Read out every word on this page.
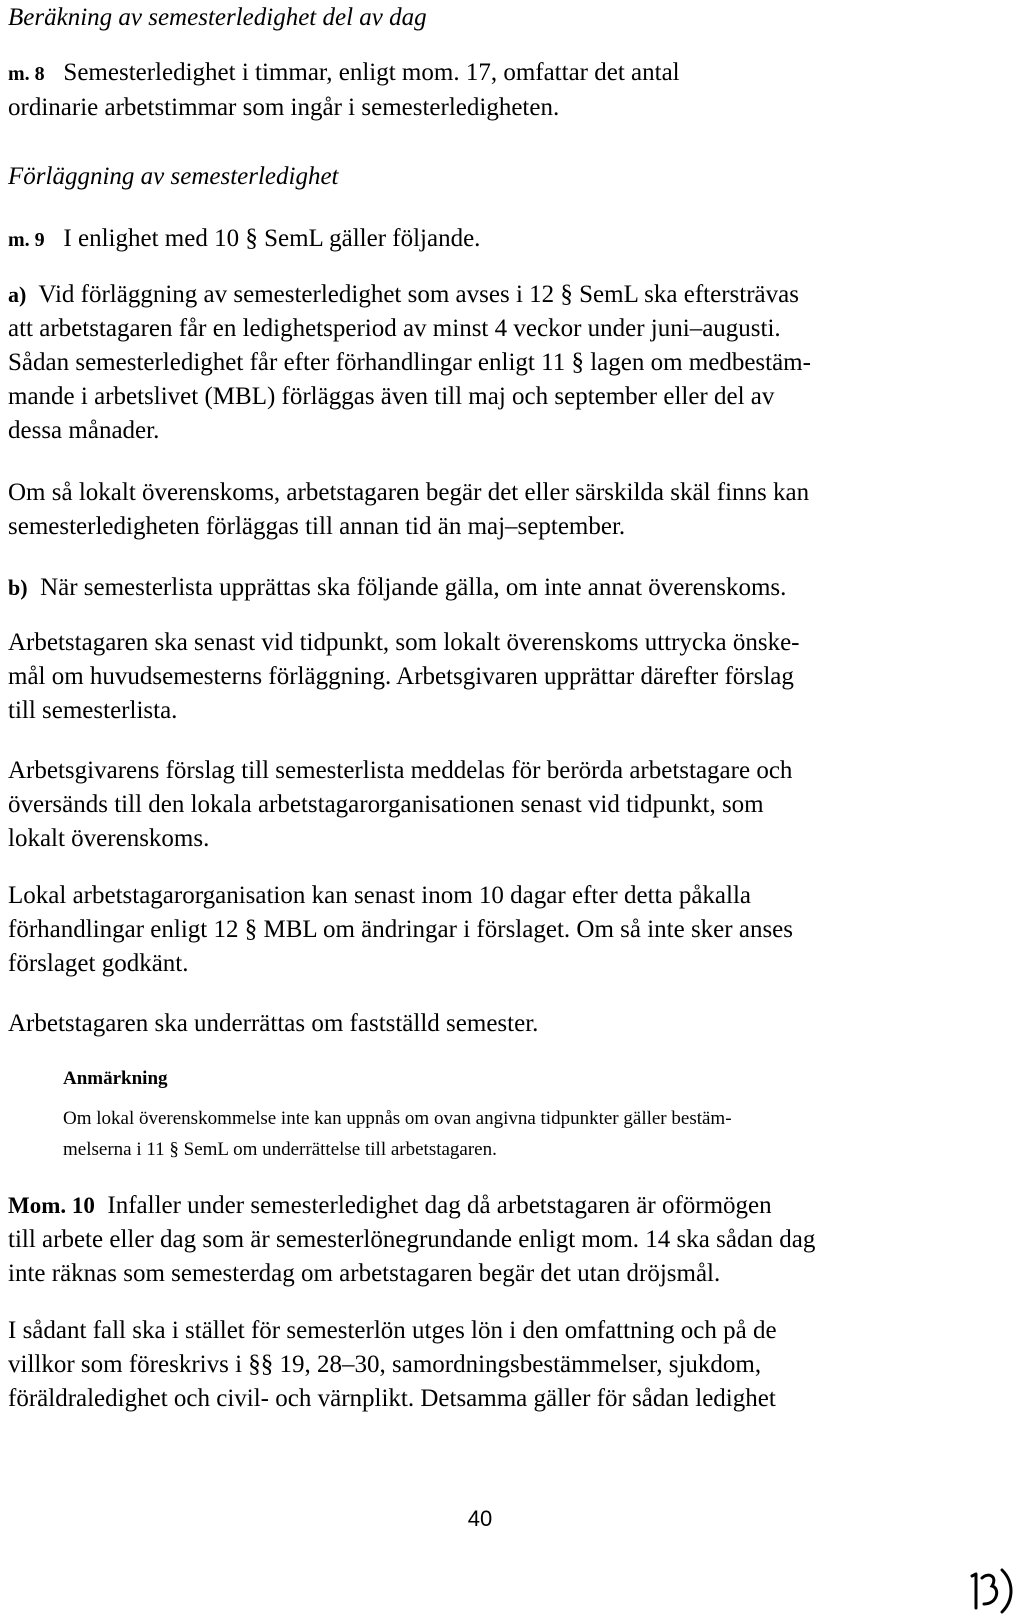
Beräkning av semesterledighet del av dag

m. 8 Semesterledighet i timmar, enligt mom. 17, omfattar det antal
ordinarie arbetstimmar som ingår i semesterledigheten.

Förläggning av semesterledighet

m. 9 I enlighet med 10 § SemL gäller följande.

a) Vid förläggning av semesterledighet som avses i 12 § SemL ska eftersträvas
att arbetstagaren får en ledighetsperiod av minst 4 veckor under juni–augusti.
Sådan semesterledighet får efter förhandlingar enligt 11 § lagen om medbestäm-
mande i arbetslivet (MBL) förläggas även till maj och september eller del av
dessa månader.

Om så lokalt överenskoms, arbetstagaren begär det eller särskilda skäl finns kan
semesterledigheten förläggas till annan tid än maj–september.

b) När semesterlista upprättas ska följande gälla, om inte annat överenskoms.

Arbetstagaren ska senast vid tidpunkt, som lokalt överenskoms uttrycka önske-
mål om huvudsemesterns förläggning. Arbetsgivaren upprättar därefter förslag
till semesterlista.

Arbetsgivarens förslag till semesterlista meddelas för berörda arbetstagare och
översänds till den lokala arbetstagarorganisationen senast vid tidpunkt, som
lokalt överenskoms.

Lokal arbetstagarorganisation kan senast inom 10 dagar efter detta påkalla
förhandlingar enligt 12 § MBL om ändringar i förslaget. Om så inte sker anses
förslaget godkänt.

Arbetstagaren ska underrättas om fastställd semester.

Anmärkning

Om lokal överenskommelse inte kan uppnås om ovan angivna tidpunkter gäller bestäm-
melserna i 11 § SemL om underrättelse till arbetstagaren.

Mom. 10 Infaller under semesterledighet dag då arbetstagaren är oförmögen
till arbete eller dag som är semesterlönegrundande enligt mom. 14 ska sådan dag
inte räknas som semesterdag om arbetstagaren begär det utan dröjsmål.

I sådant fall ska i stället för semesterlön utges lön i den omfattning och på de
villkor som föreskrivs i §§ 19, 28–30, samordningsbestämmelser, sjukdom,
föräldraledighet och civil- och värnplikt. Detsamma gäller för sådan ledighet

40
